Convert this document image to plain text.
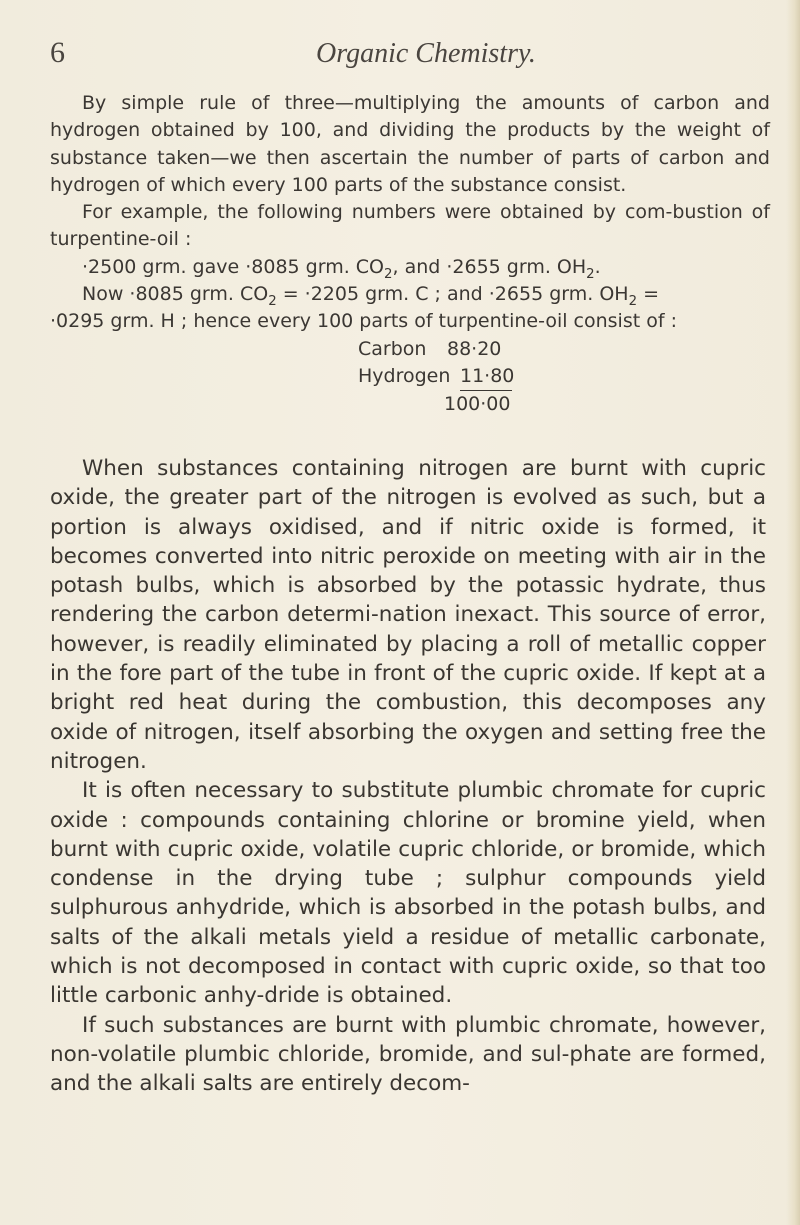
6	Organic Chemistry.

By simple rule of three—multiplying the amounts of carbon and hydrogen obtained by 100, and dividing the products by the weight of substance taken—we then ascertain the number of parts of carbon and hydrogen of which every 100 parts of the substance consist.

For example, the following numbers were obtained by com-bustion of turpentine-oil :

·2500 grm. gave ·8085 grm. $CO_2$, and ·2655 grm. $OH_2$.

Now ·8085 grm. $CO_2 = \cdot 2205$ grm. C ; and ·2655 grm. $OH_2$ =

·0295 grm. H ; hence every 100 parts of turpentine-oil consist of :

Carbon 88·20
Hydrogen 11·80
100·00

When substances containing nitrogen are burnt with cupric oxide, the greater part of the nitrogen is evolved as such, but a portion is always oxidised, and if nitric oxide is formed, it becomes converted into nitric peroxide on meeting with air in the potash bulbs, which is absorbed by the potassic hydrate, thus rendering the carbon determi-nation inexact. This source of error, however, is readily eliminated by placing a roll of metallic copper in the fore part of the tube in front of the cupric oxide. If kept at a bright red heat during the combustion, this decomposes any oxide of nitrogen, itself absorbing the oxygen and setting free the nitrogen.

It is often necessary to substitute plumbic chromate for cupric oxide : compounds containing chlorine or bromine yield, when burnt with cupric oxide, volatile cupric chloride, or bromide, which condense in the drying tube ; sulphur compounds yield sulphurous anhydride, which is absorbed in the potash bulbs, and salts of the alkali metals yield a residue of metallic carbonate, which is not decomposed in contact with cupric oxide, so that too little carbonic anhy-dride is obtained.

If such substances are burnt with plumbic chromate, however, non-volatile plumbic chloride, bromide, and sul-phate are formed, and the alkali salts are entirely decom-
